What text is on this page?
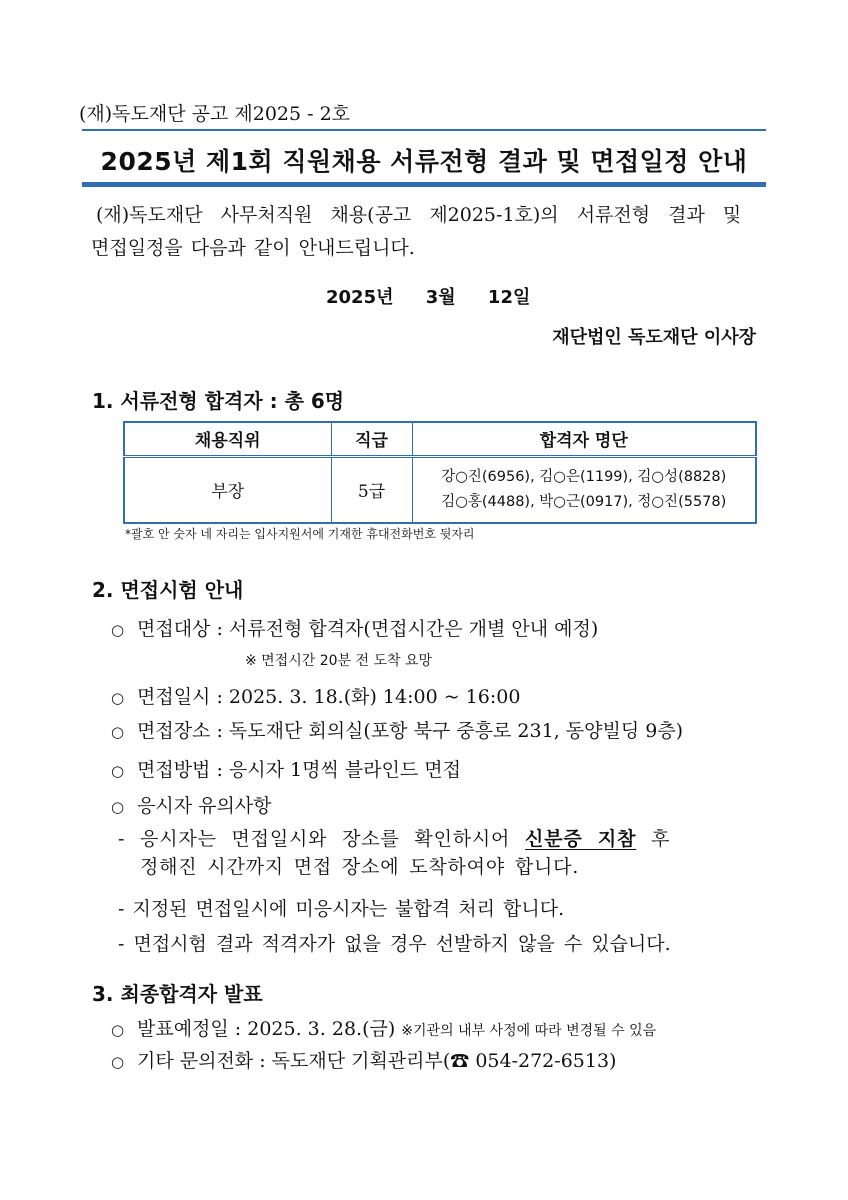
(재)독도재단 공고 제2025 - 2호
2025년 제1회 직원채용 서류전형 결과 및 면접일정 안내
(재)독도재단 사무처직원 채용(공고 제2025-1호)의 서류전형 결과 및
면접일정을 다음과 같이 안내드립니다.
2025년 3월 12일
재단법인 독도재단 이사장
1. 서류전형 합격자 : 총 6명
채용직위	직급	합격자 명단
부장	5급	강○진(6956), 김○은(1199), 김○성(8828)
김○홍(4488), 박○근(0917), 정○진(5578)
*괄호 안 숫자 네 자리는 입사지원서에 기재한 휴대전화번호 뒷자리
2. 면접시험 안내
○ 면접대상 : 서류전형 합격자(면접시간은 개별 안내 예정)
※ 면접시간 20분 전 도착 요망
○ 면접일시 : 2025. 3. 18.(화) 14:00 ~ 16:00
○ 면접장소 : 독도재단 회의실(포항 북구 중흥로 231, 동양빌딩 9층)
○ 면접방법 : 응시자 1명씩 블라인드 면접
○ 응시자 유의사항
- 응시자는 면접일시와 장소를 확인하시어 신분증 지참 후
정해진 시간까지 면접 장소에 도착하여야 합니다.
- 지정된 면접일시에 미응시자는 불합격 처리 합니다.
- 면접시험 결과 적격자가 없을 경우 선발하지 않을 수 있습니다.
3. 최종합격자 발표
○ 발표예정일 : 2025. 3. 28.(금) ※기관의 내부 사정에 따라 변경될 수 있음
○ 기타 문의전화 : 독도재단 기획관리부(☎ 054-272-6513)
